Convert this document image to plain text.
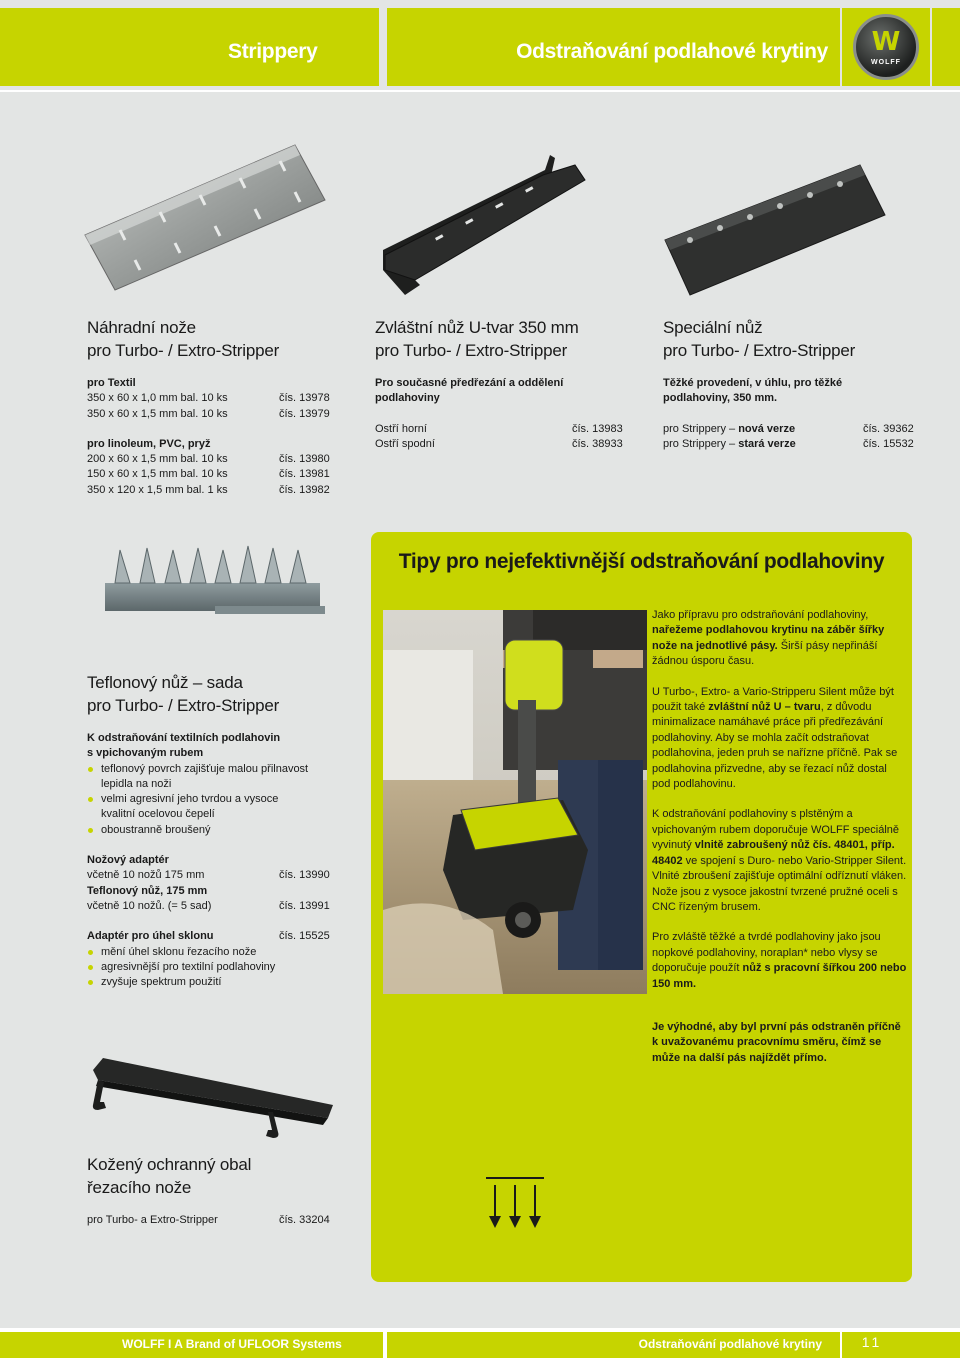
Strippery	Odstraňování podlahové krytiny W
WOLFF
Náhradní nože
pro Turbo- / Extro-Stripper
pro Textil
350 x 60 x 1,0 mm bal. 10 ks	čís. 13978
350 x 60 x 1,5 mm bal. 10 ks	čís. 13979
pro linoleum, PVC, pryž
200 x 60 x 1,5 mm bal. 10 ks	čís. 13980
150 x 60 x 1,5 mm bal. 10 ks	čís. 13981
350 x 120 x 1,5 mm bal. 1 ks	čís. 13982
Zvláštní nůž U-tvar 350 mm
pro Turbo- / Extro-Stripper
Pro současné předřezání a oddělení podlahoviny
Ostří horní	čís. 13983
Ostří spodní	čís. 38933
Speciální nůž
pro Turbo- / Extro-Stripper
Těžké provedení, v úhlu, pro těžké podlahoviny, 350 mm.
pro Strippery – nová verze	čís. 39362
pro Strippery – stará verze	čís. 15532
Teflonový nůž – sada
pro Turbo- / Extro-Stripper
K odstraňování textilních podlahovin
s vpichovaným rubem
teflonový povrch zajišťuje malou přilnavost lepidla na noži
velmi agresivní jeho tvrdou a vysoce kvalitní ocelovou čepelí
oboustranně broušený
Nožový adaptér
včetně 10 nožů 175 mm	čís. 13990
Teflonový nůž, 175 mm
včetně 10 nožů. (= 5 sad)	čís. 13991
Adaptér pro úhel sklonu	čís. 15525
mění úhel sklonu řezacího nože
agresivnější pro textilní podlahoviny
zvyšuje spektrum použití
Kožený ochranný obal
řezacího nože
pro Turbo- a Extro-Stripper	čís. 33204
Tipy pro nejefektivnější odstraňování podlahoviny

Jako přípravu pro odstraňování podlahoviny, nařežeme podlahovou krytinu na záběr šířky nože na jednotlivé pásy. Širší pásy nepřináší žádnou úsporu času.

U Turbo-, Extro- a Vario-Stripperu Silent může být použit také zvláštní nůž U – tvaru, z důvodu minimalizace namáhavé práce při předřezávání podlahoviny. Aby se mohla začít odstraňovat podlahovina, jeden pruh se nařízne příčně. Pak se podlahovina přizvedne, aby se řezací nůž dostal pod podlahovinu.

K odstraňování podlahoviny s plstěným a vpichovaným rubem doporučuje WOLFF speciálně vyvinutý vlnitě zabroušený nůž čís. 48401, příp. 48402 ve spojení s Duro- nebo Vario-Stripper Silent. Vlnité zbroušení zajišťuje optimální odříznutí vláken. Nože jsou z vysoce jakostní tvrzené pružné oceli s CNC řízeným brusem.

Pro zvláště těžké a tvrdé podlahoviny jako jsou nopkové podlahoviny, noraplan* nebo vlysy se doporučuje použít nůž s pracovní šířkou 200 nebo 150 mm.

Je výhodné, aby byl první pás odstraněn příčně k uvažovanému pracovnímu směru, čímž se může na další pás najíždět přímo.

WOLFF I A Brand of UFLOOR Systems	Odstraňování podlahové krytiny	11
